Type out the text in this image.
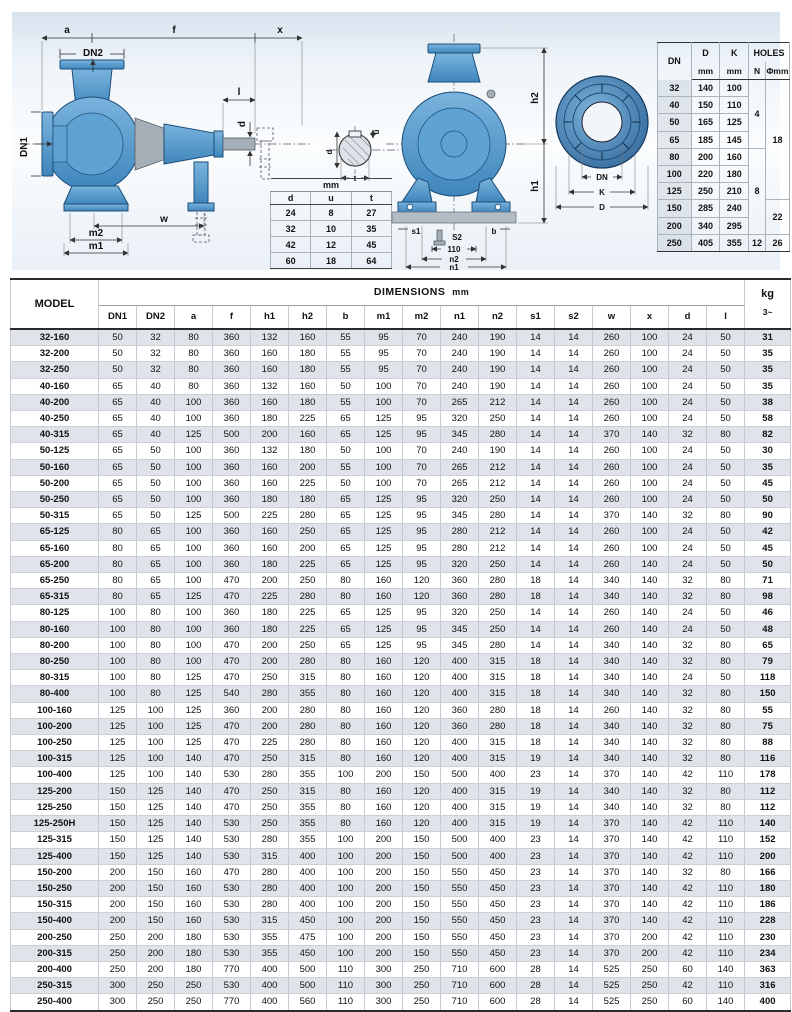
a	f	x
DN2
DN1
l
d
w
m2
m1
d
u
t
mm		
d	u	t
24	8	27
32	10	35
42	12	45
60	18	64
h2
h1
s1	b
S2
110
n2
n1
DN
K
D
DN	D	K	HOLES	
	mm	mm	N	Φmm
32	140	100	4	18
40	150	110		
50	165	125		
65	185	145		
80	200	160	8	
100	220	180		
125	250	210		
150	285	240		22
200	340	295		
250	405	355	12	26
MODEL	DIMENSIONS mm																	kg
3~
	DN1	DN2	a	f	h1	h2	b	m1	m2	n1	n2	s1	s2	w	x	d	l	
32-160	50	32	80	360	132	160	55	95	70	240	190	14	14	260	100	24	50	31
32-200	50	32	80	360	160	180	55	95	70	240	190	14	14	260	100	24	50	35
32-250	50	32	80	360	160	180	55	95	70	240	190	14	14	260	100	24	50	35
40-160	65	40	80	360	132	160	50	100	70	240	190	14	14	260	100	24	50	35
40-200	65	40	100	360	160	180	55	100	70	265	212	14	14	260	100	24	50	38
40-250	65	40	100	360	180	225	65	125	95	320	250	14	14	260	100	24	50	58
40-315	65	40	125	500	200	160	65	125	95	345	280	14	14	370	140	32	80	82
50-125	65	50	100	360	132	180	50	100	70	240	190	14	14	260	100	24	50	30
50-160	65	50	100	360	160	200	55	100	70	265	212	14	14	260	100	24	50	35
50-200	65	50	100	360	160	225	50	100	70	265	212	14	14	260	100	24	50	45
50-250	65	50	100	360	180	180	65	125	95	320	250	14	14	260	100	24	50	50
50-315	65	50	125	500	225	280	65	125	95	345	280	14	14	370	140	32	80	90
65-125	80	65	100	360	160	250	65	125	95	280	212	14	14	260	100	24	50	42
65-160	80	65	100	360	160	200	65	125	95	280	212	14	14	260	100	24	50	45
65-200	80	65	100	360	180	225	65	125	95	320	250	14	14	260	140	24	50	50
65-250	80	65	100	470	200	250	80	160	120	360	280	18	14	340	140	32	80	71
65-315	80	65	125	470	225	280	80	160	120	360	280	18	14	340	140	32	80	98
80-125	100	80	100	360	180	225	65	125	95	320	250	14	14	260	140	24	50	46
80-160	100	80	100	360	180	225	65	125	95	345	250	14	14	260	140	24	50	48
80-200	100	80	100	470	200	250	65	125	95	345	280	14	14	340	140	32	80	65
80-250	100	80	100	470	200	280	80	160	120	400	315	18	14	340	140	32	80	79
80-315	100	80	125	470	250	315	80	160	120	400	315	18	14	340	140	24	50	118
80-400	100	80	125	540	280	355	80	160	120	400	315	18	14	340	140	32	80	150
100-160	125	100	125	360	200	280	80	160	120	360	280	18	14	260	140	32	80	55
100-200	125	100	125	470	200	280	80	160	120	360	280	18	14	340	140	32	80	75
100-250	125	100	125	470	225	280	80	160	120	400	315	18	14	340	140	32	80	88
100-315	125	100	140	470	250	315	80	160	120	400	315	19	14	340	140	32	80	116
100-400	125	100	140	530	280	355	100	200	150	500	400	23	14	370	140	42	110	178
125-200	150	125	140	470	250	315	80	160	120	400	315	19	14	340	140	32	80	112
125-250	150	125	140	470	250	355	80	160	120	400	315	19	14	340	140	32	80	112
125-250H	150	125	140	530	250	355	80	160	120	400	315	19	14	370	140	42	110	140
125-315	150	125	140	530	280	355	100	200	150	500	400	23	14	370	140	42	110	152
125-400	150	125	140	530	315	400	100	200	150	500	400	23	14	370	140	42	110	200
150-200	200	150	160	470	280	400	100	200	150	550	450	23	14	370	140	32	80	166
150-250	200	150	160	530	280	400	100	200	150	550	450	23	14	370	140	42	110	180
150-315	200	150	160	530	280	400	100	200	150	550	450	23	14	370	140	42	110	186
150-400	200	150	160	530	315	450	100	200	150	550	450	23	14	370	140	42	110	228
200-250	250	200	180	530	355	475	100	200	150	550	450	23	14	370	200	42	110	230
200-315	250	200	180	530	355	450	100	200	150	550	450	23	14	370	200	42	110	234
200-400	250	200	180	770	400	500	110	300	250	710	600	28	14	525	250	60	140	363
250-315	300	250	250	530	400	500	110	300	250	710	600	28	14	525	250	42	110	316
250-400	300	250	250	770	400	560	110	300	250	710	600	28	14	525	250	60	140	400
